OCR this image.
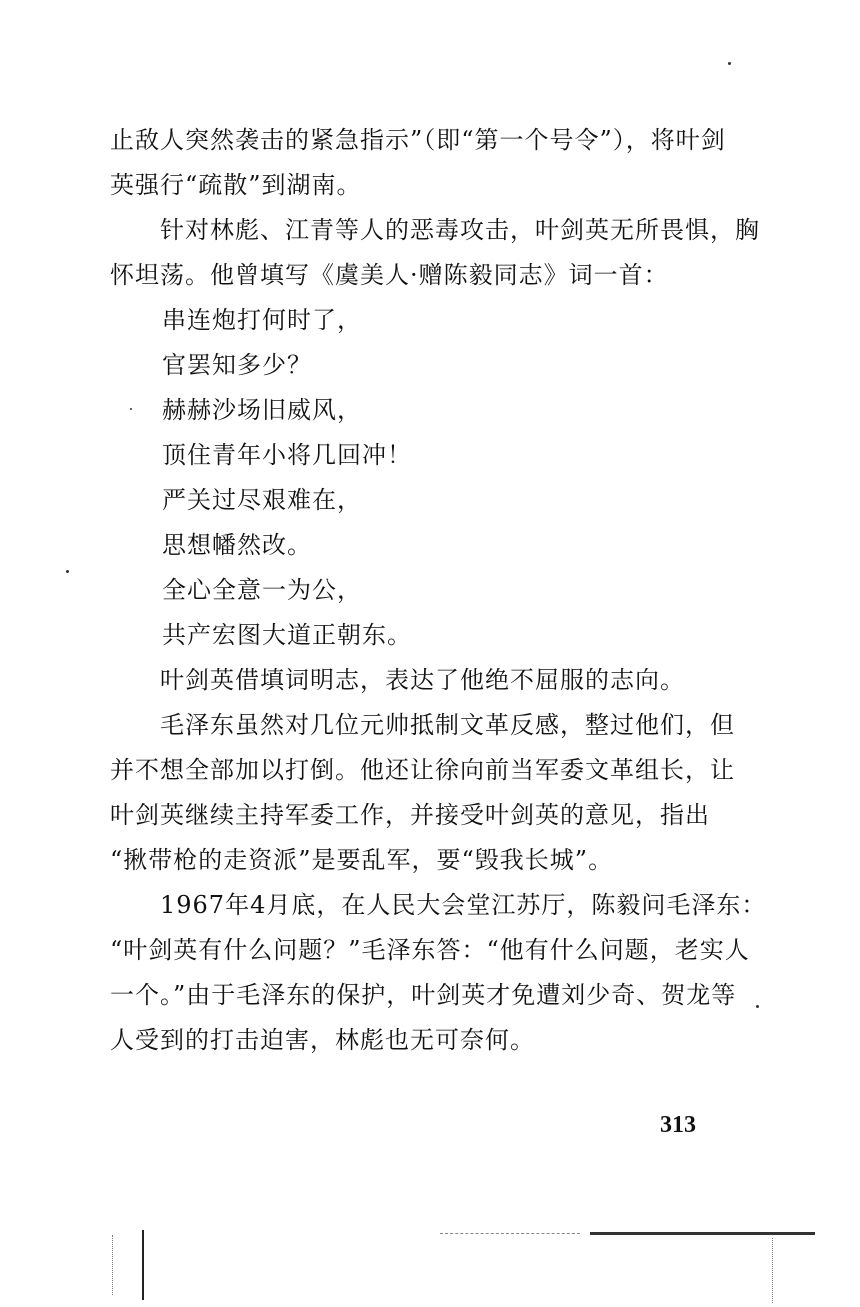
止敌人突然袭击的紧急指示”（即“第一个号令”），将叶剑
英强行“疏散”到湖南。
针对林彪、江青等人的恶毒攻击，叶剑英无所畏惧，胸
怀坦荡。他曾填写《虞美人·赠陈毅同志》词一首：
串连炮打何时了，
官罢知多少？
赫赫沙场旧威风，
顶住青年小将几回冲！
严关过尽艰难在，
思想幡然改。
全心全意一为公，
共产宏图大道正朝东。
叶剑英借填词明志，表达了他绝不屈服的志向。
毛泽东虽然对几位元帅抵制文革反感，整过他们，但
并不想全部加以打倒。他还让徐向前当军委文革组长，让
叶剑英继续主持军委工作，并接受叶剑英的意见，指出
“揪带枪的走资派”是要乱军，要“毁我长城”。
1967年4月底，在人民大会堂江苏厅，陈毅问毛泽东：
“叶剑英有什么问题？”毛泽东答：“他有什么问题，老实人
一个。”由于毛泽东的保护，叶剑英才免遭刘少奇、贺龙等
人受到的打击迫害，林彪也无可奈何。
313
